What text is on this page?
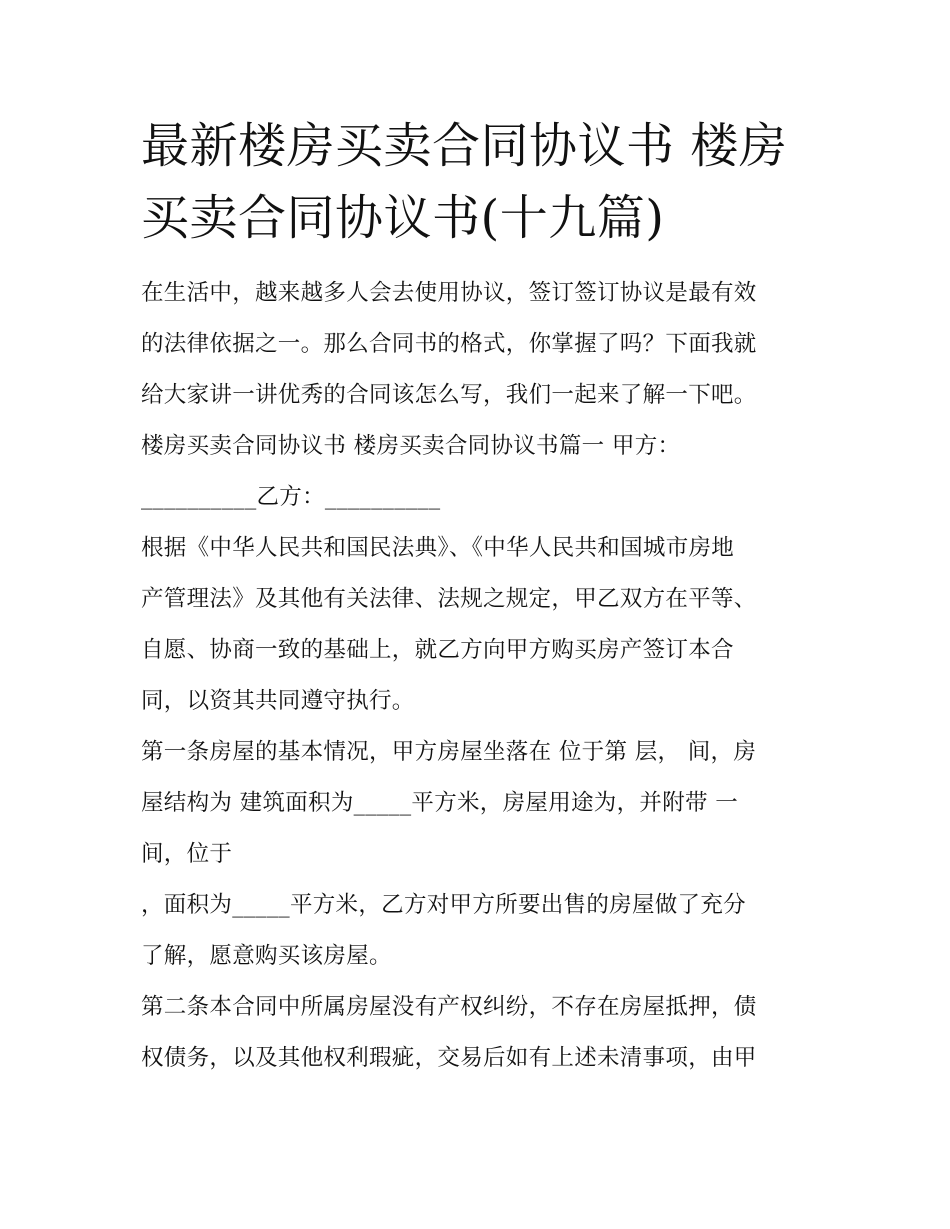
最新楼房买卖合同协议书 楼房
买卖合同协议书(十九篇)
在生活中，越来越多人会去使用协议，签订签订协议是最有效
的法律依据之一。那么合同书的格式，你掌握了吗？下面我就
给大家讲一讲优秀的合同该怎么写，我们一起来了解一下吧。
楼房买卖合同协议书 楼房买卖合同协议书篇一 甲方：
__________乙方：__________
根据《中华人民共和国民法典》、《中华人民共和国城市房地
产管理法》及其他有关法律、法规之规定，甲乙双方在平等、
自愿、协商一致的基础上，就乙方向甲方购买房产签订本合
同，以资其共同遵守执行。
第一条房屋的基本情况，甲方房屋坐落在 位于第 层， 间，房
屋结构为 建筑面积为_____平方米，房屋用途为，并附带 一
间，位于
，面积为_____平方米，乙方对甲方所要出售的房屋做了充分
了解，愿意购买该房屋。
第二条本合同中所属房屋没有产权纠纷，不存在房屋抵押，债
权债务，以及其他权利瑕疵，交易后如有上述未清事项，由甲
